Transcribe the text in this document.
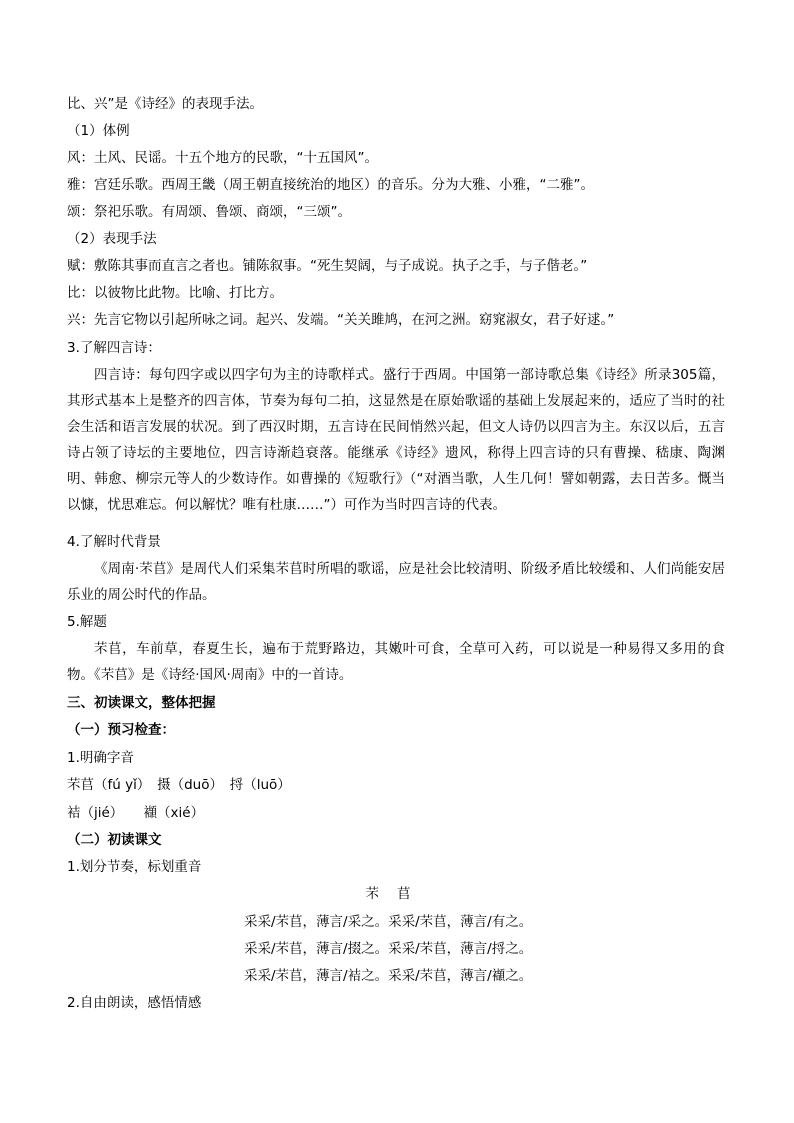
比、兴”是《诗经》的表现手法。
（1）体例
风：土风、民谣。十五个地方的民歌，“十五国风”。
雅：宫廷乐歌。西周王畿（周王朝直接统治的地区）的音乐。分为大雅、小雅，“二雅”。
颂：祭祀乐歌。有周颂、鲁颂、商颂，“三颂”。
（2）表现手法
赋：敷陈其事而直言之者也。铺陈叙事。“死生契阔，与子成说。执子之手，与子偕老。”
比：以彼物比此物。比喻、打比方。
兴：先言它物以引起所咏之词。起兴、发端。“关关雎鸠，在河之洲。窈窕淑女，君子好逑。”
3.了解四言诗：
四言诗：每句四字或以四字句为主的诗歌样式。盛行于西周。中国第一部诗歌总集《诗经》所录305篇，其形式基本上是整齐的四言体，节奏为每句二拍，这显然是在原始歌谣的基础上发展起来的，适应了当时的社会生活和语言发展的状况。到了西汉时期，五言诗在民间悄然兴起，但文人诗仍以四言为主。东汉以后，五言诗占领了诗坛的主要地位，四言诗渐趋衰落。能继承《诗经》遗风，称得上四言诗的只有曹操、嵇康、陶渊明、韩愈、柳宗元等人的少数诗作。如曹操的《短歌行》（“对酒当歌，人生几何！譬如朝露，去日苦多。慨当以慷，忧思难忘。何以解忧？唯有杜康……”）可作为当时四言诗的代表。
4.了解时代背景
《周南·芣苢》是周代人们采集芣苢时所唱的歌谣，应是社会比较清明、阶级矛盾比较缓和、人们尚能安居乐业的周公时代的作品。
5.解题
芣苢，车前草，春夏生长，遍布于荒野路边，其嫩叶可食，全草可入药，可以说是一种易得又多用的食物。《芣苢》是《诗经·国风·周南》中的一首诗。
三、初读课文，整体把握
（一）预习检查：
1.明确字音
芣苢（fú yǐ）　摄（duō）　捋（luō）
袺（jié）　　襭（xié）
（二）初读课文
1.划分节奏，标划重音
芣苢
采采/芣苢，薄言/采之。采采/芣苢，薄言/有之。
采采/芣苢，薄言/掇之。采采/芣苢，薄言/捋之。
采采/芣苢，薄言/袺之。采采/芣苢，薄言/襭之。
2.自由朗读，感悟情感
